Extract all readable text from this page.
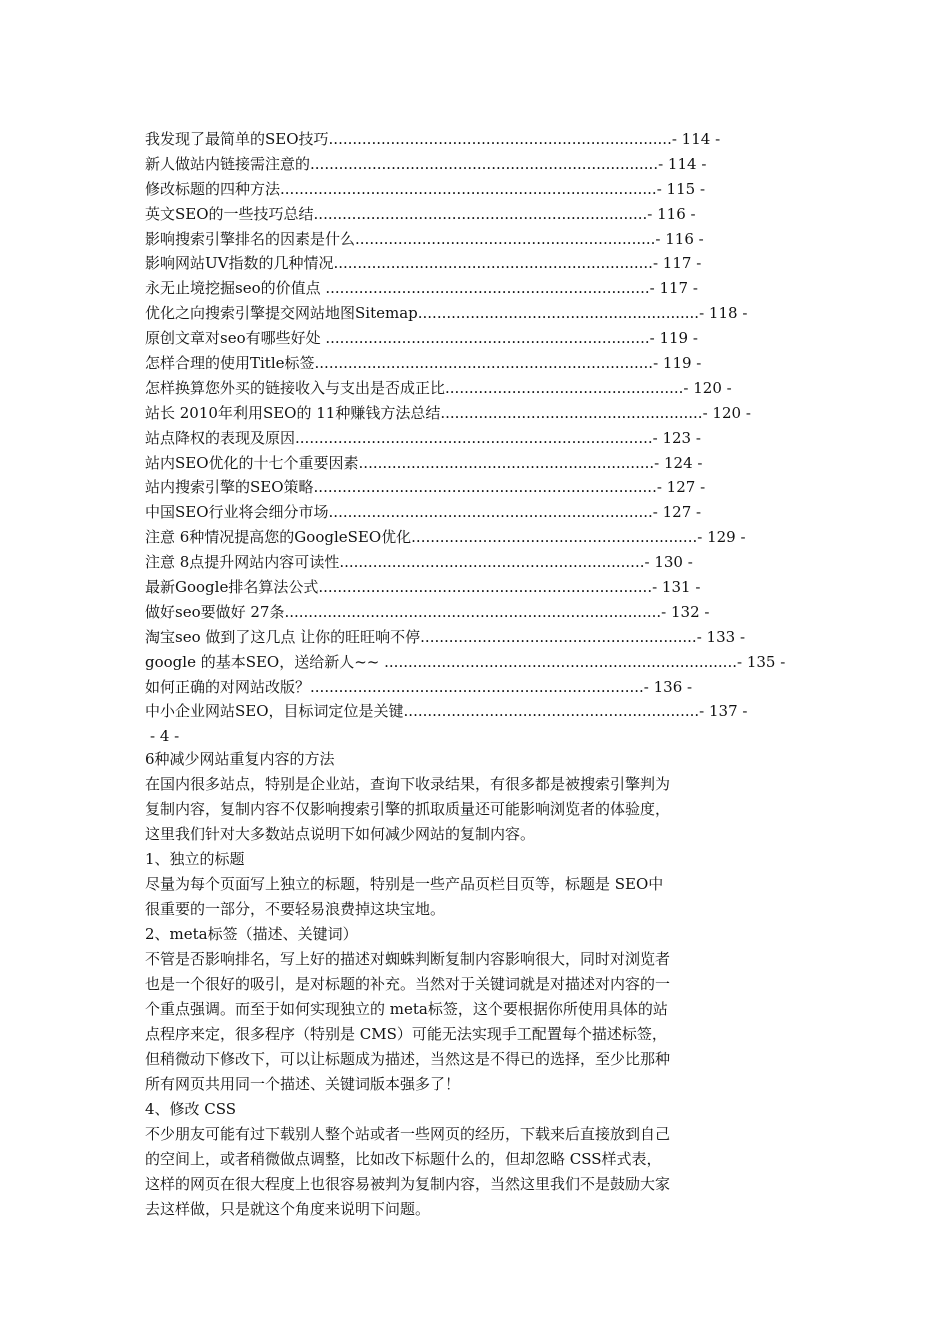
我发现了最简单的SEO技巧........................................................................- 114 -
新人做站内链接需注意的.........................................................................- 114 -
修改标题的四种方法...............................................................................- 115 -
英文SEO的一些技巧总结......................................................................- 116 -
影响搜索引擎排名的因素是什么...............................................................- 116 -
影响网站UV指数的几种情况...................................................................- 117 -
永无止境挖掘seo的价值点 ....................................................................- 117 -
优化之向搜索引擎提交网站地图Sitemap...........................................................- 118 -
原创文章对seo有哪些好处 ....................................................................- 119 -
怎样合理的使用Title标签.......................................................................- 119 -
怎样换算您外买的链接收入与支出是否成正比..................................................- 120 -
站长 2010年利用SEO的 11种赚钱方法总结.......................................................- 120 -
站点降权的表现及原因...........................................................................- 123 -
站内SEO优化的十七个重要因素..............................................................- 124 -
站内搜索引擎的SEO策略........................................................................- 127 -
中国SEO行业将会细分市场....................................................................- 127 -
注意 6种情况提高您的GoogleSEO优化............................................................- 129 -
注意 8点提升网站内容可读性................................................................- 130 -
最新Google排名算法公式......................................................................- 131 -
做好seo要做好 27条...............................................................................- 132 -
淘宝seo 做到了这几点 让你的旺旺响不停..........................................................- 133 -
google 的基本SEO，送给新人~~ ..........................................................................- 135 -
如何正确的对网站改版？......................................................................- 136 -
中小企业网站SEO，目标词定位是关键..............................................................- 137 -
- 4 -

6种减少网站重复内容的方法

在国内很多站点，特别是企业站，查询下收录结果，有很多都是被搜索引擎判为

复制内容，复制内容不仅影响搜索引擎的抓取质量还可能影响浏览者的体验度，

这里我们针对大多数站点说明下如何减少网站的复制内容。

1、独立的标题

尽量为每个页面写上独立的标题，特别是一些产品页栏目页等，标题是 SEO中

很重要的一部分，不要轻易浪费掉这块宝地。

2、meta标签（描述、关键词）

不管是否影响排名，写上好的描述对蜘蛛判断复制内容影响很大，同时对浏览者

也是一个很好的吸引，是对标题的补充。当然对于关键词就是对描述对内容的一

个重点强调。而至于如何实现独立的 meta标签，这个要根据你所使用具体的站

点程序来定，很多程序（特别是 CMS）可能无法实现手工配置每个描述标签，

但稍微动下修改下，可以让标题成为描述，当然这是不得已的选择，至少比那种

所有网页共用同一个描述、关键词版本强多了！

4、修改 CSS

不少朋友可能有过下载别人整个站或者一些网页的经历，下载来后直接放到自己

的空间上，或者稍微做点调整，比如改下标题什么的，但却忽略 CSS样式表，

这样的网页在很大程度上也很容易被判为复制内容，当然这里我们不是鼓励大家

去这样做，只是就这个角度来说明下问题。
